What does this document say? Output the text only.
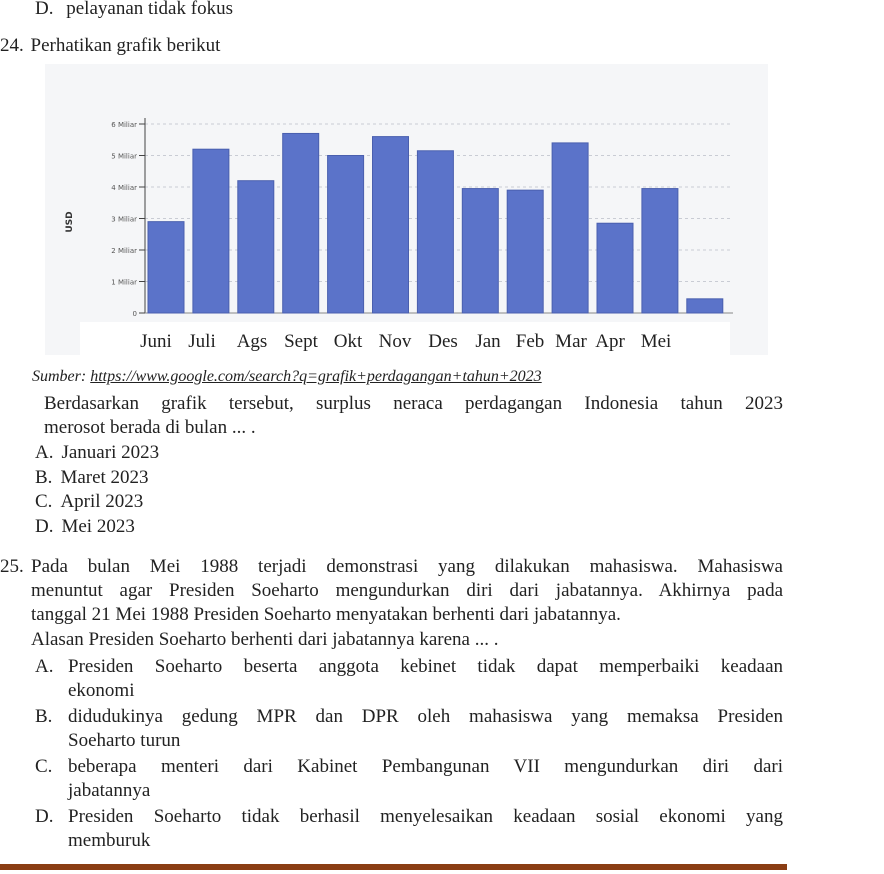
D. pelayanan tidak fokus
24. Perhatikan grafik berikut
0
1 Miliar
2 Miliar
3 Miliar
4 Miliar
5 Miliar
6 Miliar
USD
Juni Juli Ags Sept Okt Nov Des Jan Feb Mar Apr Mei
Sumber: https://www.google.com/search?q=grafik+perdagangan+tahun+2023
Berdasarkan grafik tersebut, surplus neraca perdagangan Indonesia tahun 2023
merosot berada di bulan ... .
A. Januari 2023
B. Maret 2023
C. April 2023
D. Mei 2023
25. Pada bulan Mei 1988 terjadi demonstrasi yang dilakukan mahasiswa. Mahasiswa
menuntut agar Presiden Soeharto mengundurkan diri dari jabatannya. Akhirnya pada
tanggal 21 Mei 1988 Presiden Soeharto menyatakan berhenti dari jabatannya.
Alasan Presiden Soeharto berhenti dari jabatannya karena ... .
A. Presiden Soeharto beserta anggota kebinet tidak dapat memperbaiki keadaan
ekonomi
B. didudukinya gedung MPR dan DPR oleh mahasiswa yang memaksa Presiden
Soeharto turun
C. beberapa menteri dari Kabinet Pembangunan VII mengundurkan diri dari
jabatannya
D. Presiden Soeharto tidak berhasil menyelesaikan keadaan sosial ekonomi yang
memburuk
